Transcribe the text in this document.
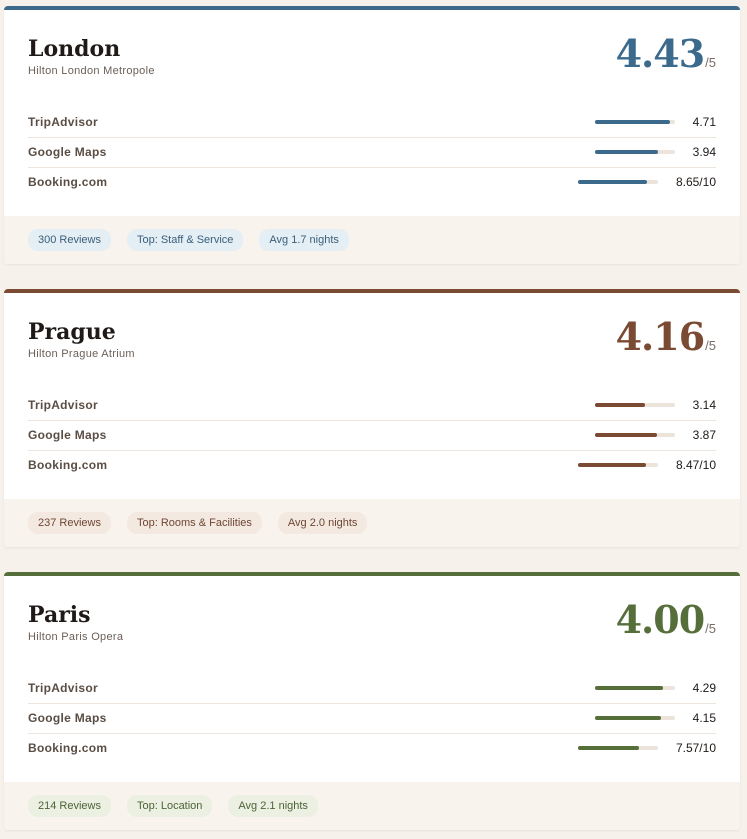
London
Hilton London Metropole	4.43 /5
TripAdvisor	4.71
Google Maps	3.94
Booking.com	8.65/10
300 Reviews	Top: Staff & Service	Avg 1.7 nights
Prague
Hilton Prague Atrium	4.16 /5
TripAdvisor	3.14
Google Maps	3.87
Booking.com	8.47/10
237 Reviews	Top: Rooms & Facilities	Avg 2.0 nights
Paris
Hilton Paris Opera	4.00 /5
TripAdvisor	4.29
Google Maps	4.15
Booking.com	7.57/10
214 Reviews	Top: Location	Avg 2.1 nights
